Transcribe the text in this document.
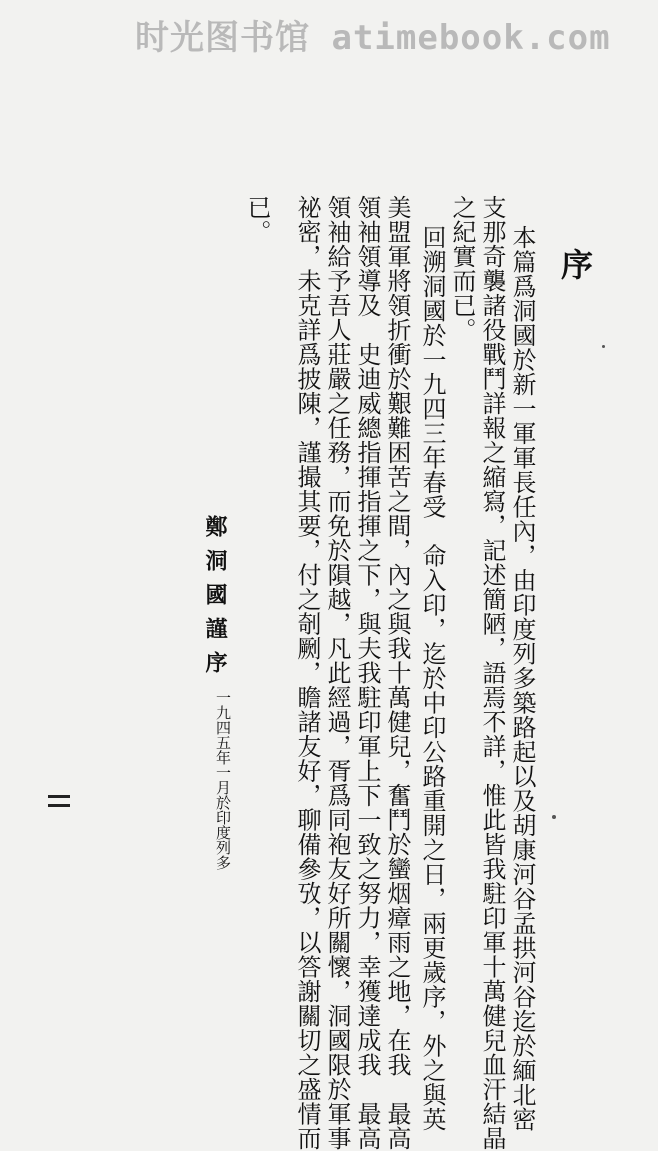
时光图书馆 atimebook.com
序
本篇爲洞國於新一軍軍長任內，由印度列多築路起以及胡康河谷孟拱河谷迄於緬北密
支那奇襲諸役戰鬥詳報之縮寫，記述簡陋，語焉不詳，惟此皆我駐印軍十萬健兒血汗結晶
之紀實而已。
回溯洞國於一九四三年春受　命入印，迄於中印公路重開之日，兩更歲序，外之與英
美盟軍將領折衝於艱難困苦之間，內之與我十萬健兒，奮鬥於蠻烟瘴雨之地，在我　最高
領袖領導及　史迪威總指揮指揮之下，與夫我駐印軍上下一致之努力，幸獲達成我　最高
領袖給予吾人莊嚴之任務，而免於隕越，凡此經過，胥爲同袍友好所關懷，洞國限於軍事
祕密，未克詳爲披陳，謹撮其要，付之剞劂，瞻諸友好，聊備參攷，以答謝關切之盛情而
已。
鄭洞國謹序
一九四五年一月於印度列多
